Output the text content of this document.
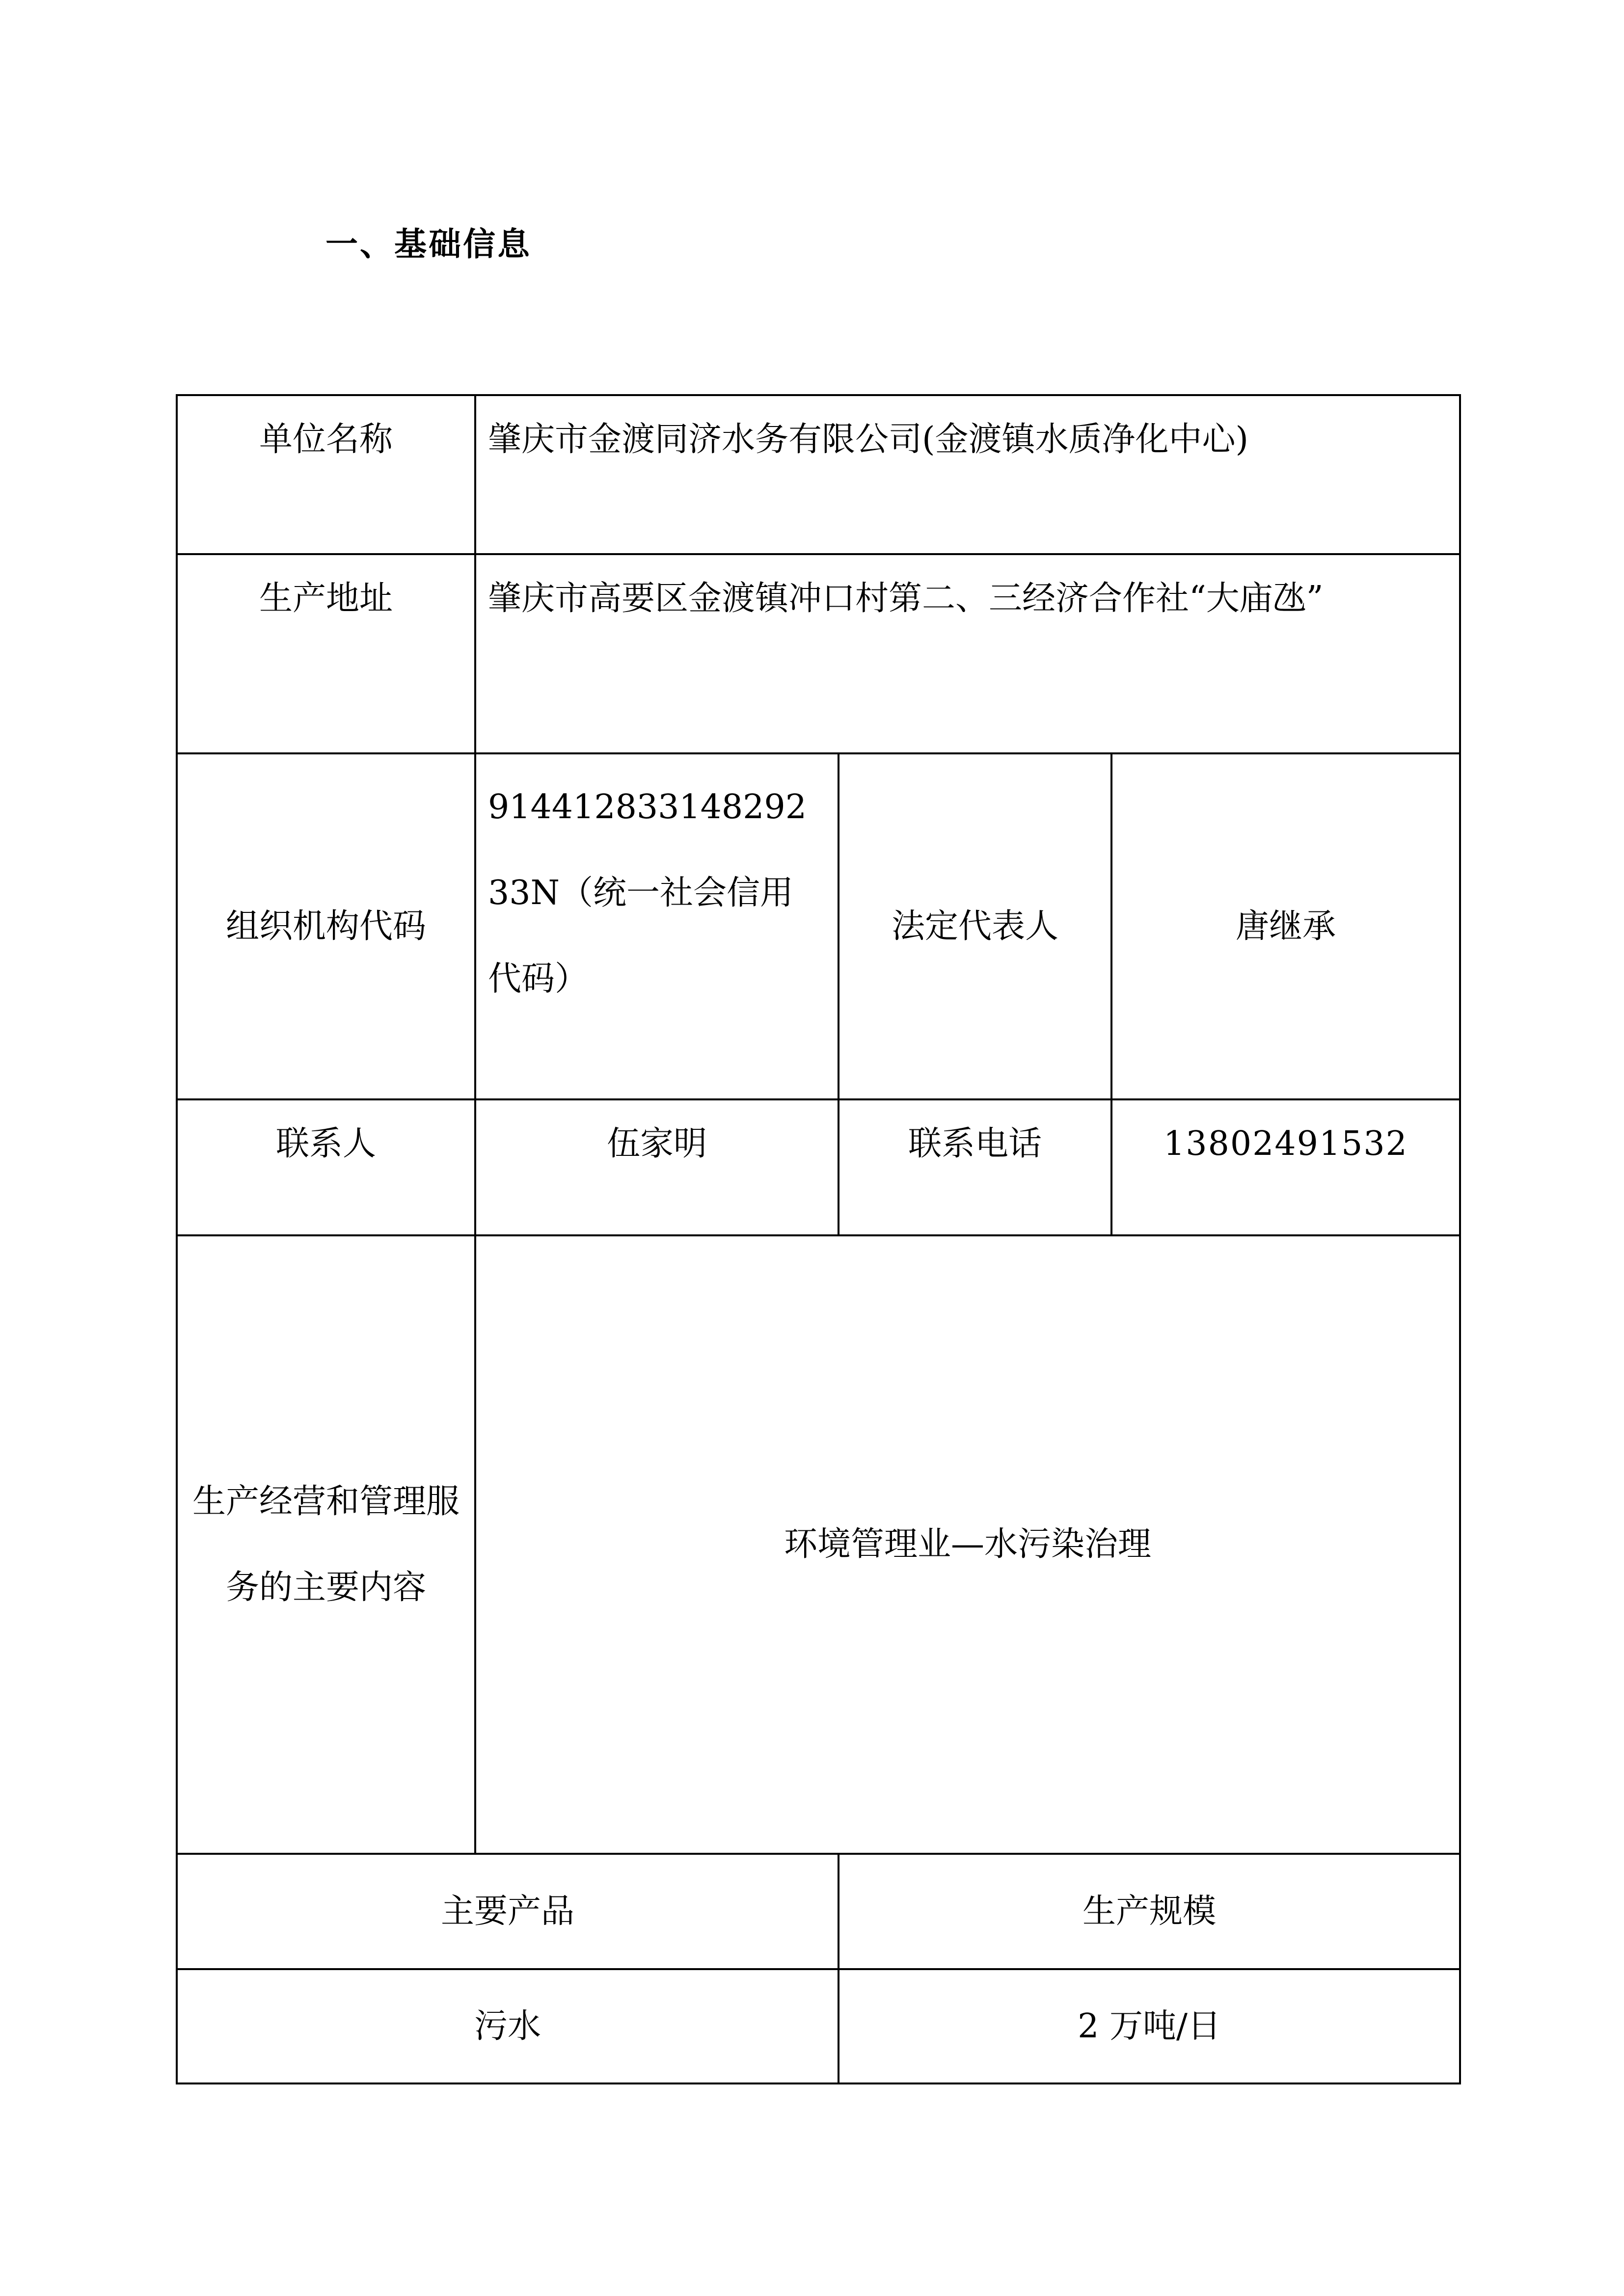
一、基础信息
单位名称	肇庆市金渡同济水务有限公司(金渡镇水质净化中心)		
生产地址	肇庆市高要区金渡镇冲口村第二、三经济合作社“大庙氹”		
组织机构代码	91441283314829233N（统一社会信用代码）	法定代表人	唐继承
联系人	伍家明	联系电话	13802491532
生产经营和管理服务的主要内容	环境管理业—水污染治理		
主要产品		生产规模	
污水		2 万吨/日	
